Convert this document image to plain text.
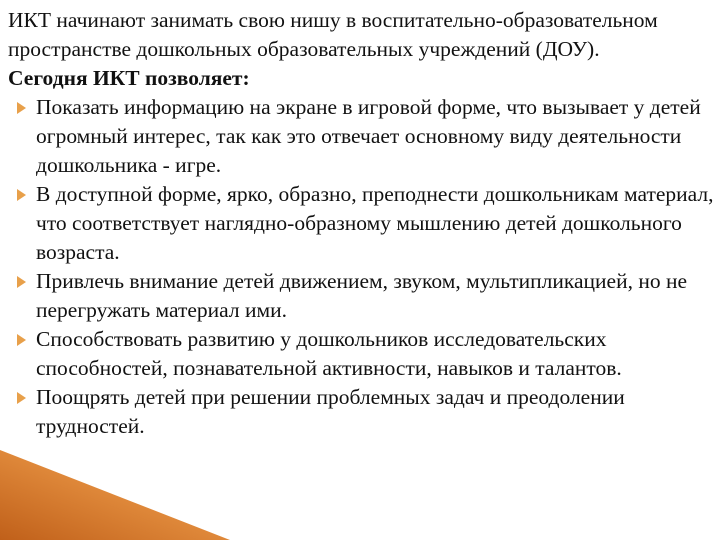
ИКТ начинают занимать свою нишу в воспитательно-образовательном пространстве дошкольных образовательных учреждений (ДОУ).

Сегодня ИКТ позволяет:

Показать информацию на экране в игровой форме, что вызывает у детей огромный интерес, так как это отвечает основному виду деятельности дошкольника - игре.
В доступной форме, ярко, образно, преподнести дошкольникам материал, что соответствует наглядно-образному мышлению детей дошкольного возраста.
Привлечь внимание детей движением, звуком, мультипликацией, но не перегружать материал ими.
Способствовать развитию у дошкольников исследовательских способностей, познавательной активности, навыков и талантов.
Поощрять детей при решении проблемных задач и преодолении трудностей.
